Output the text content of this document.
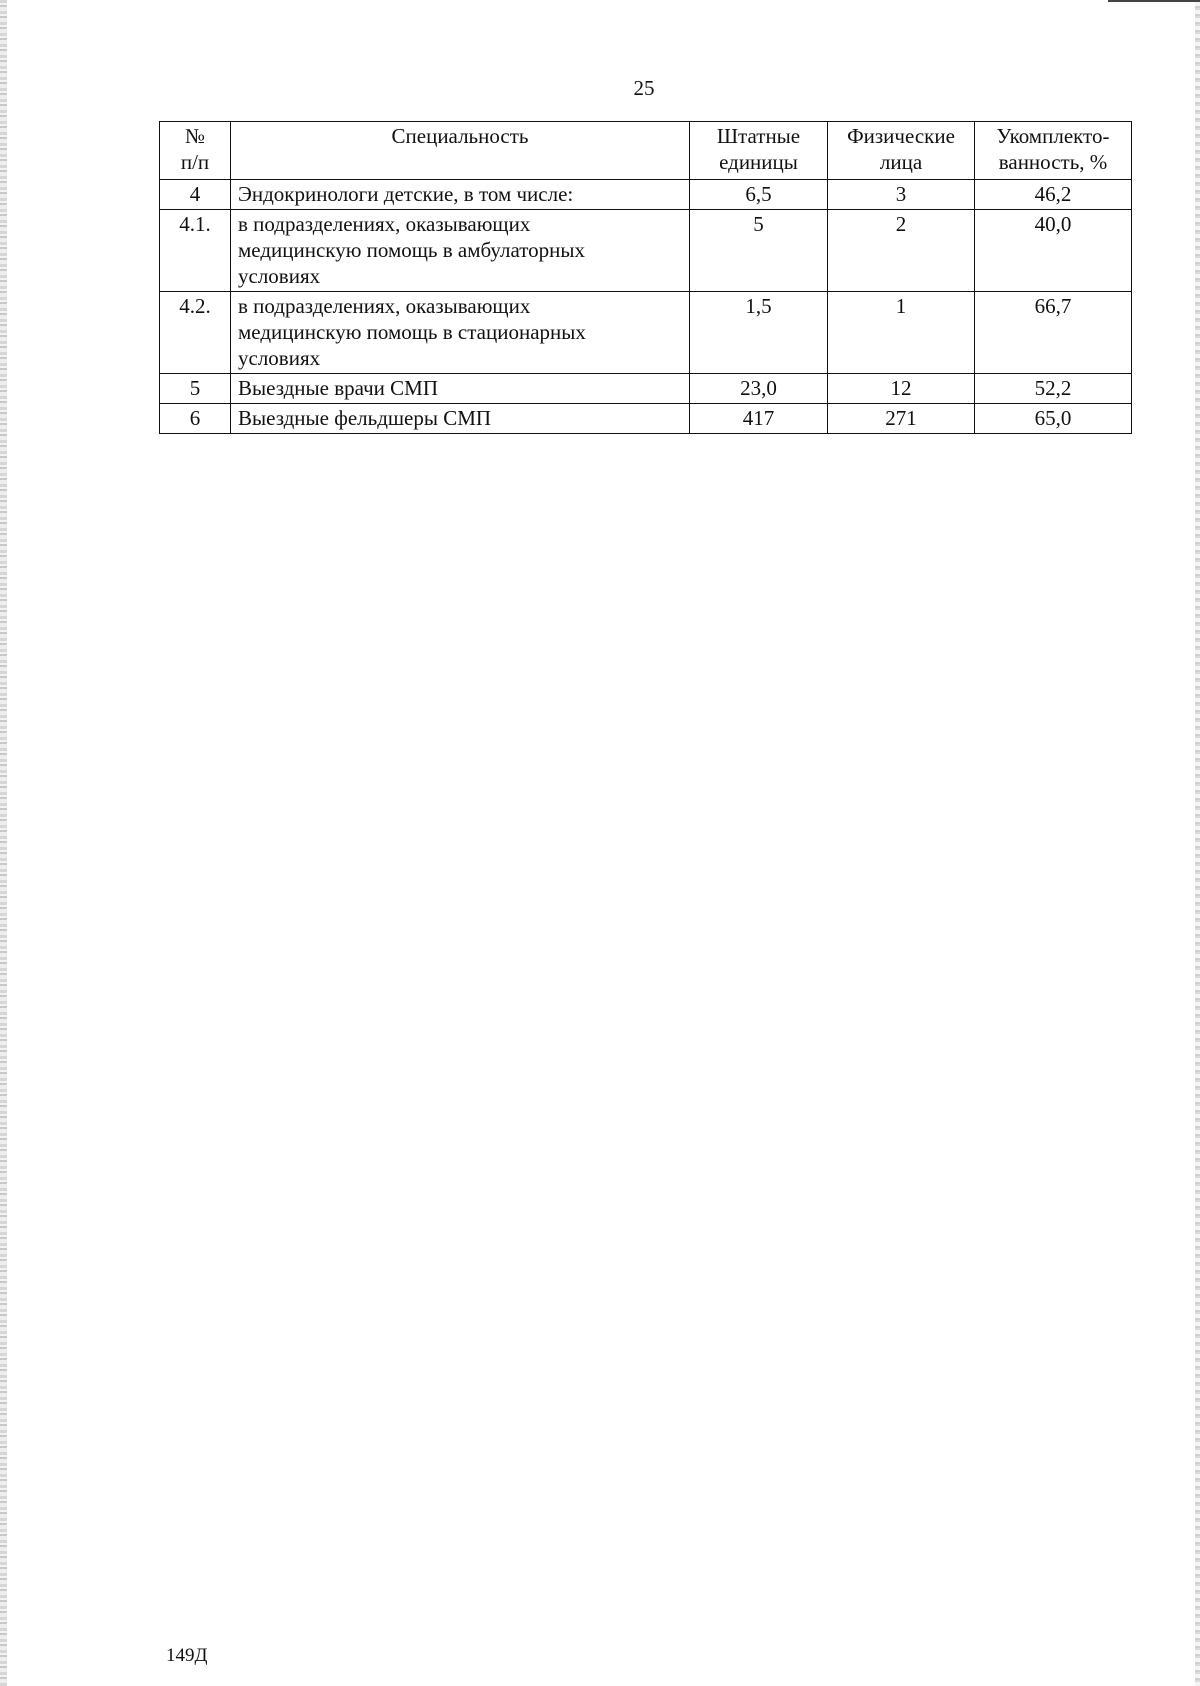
25
№ п/п	Специальность	Штатные единицы	Физические лица	Укомплекто-ванность, %

4	Эндокринологи детские, в том числе:	6,5	3	46,2
4.1.	в подразделениях, оказывающих медицинскую помощь в амбулаторных условиях	5	2	40,0
4.2.	в подразделениях, оказывающих медицинскую помощь в стационарных условиях	1,5	1	66,7
5	Выездные врачи СМП	23,0	12	52,2
6	Выездные фельдшеры СМП	417	271	65,0
149Д
